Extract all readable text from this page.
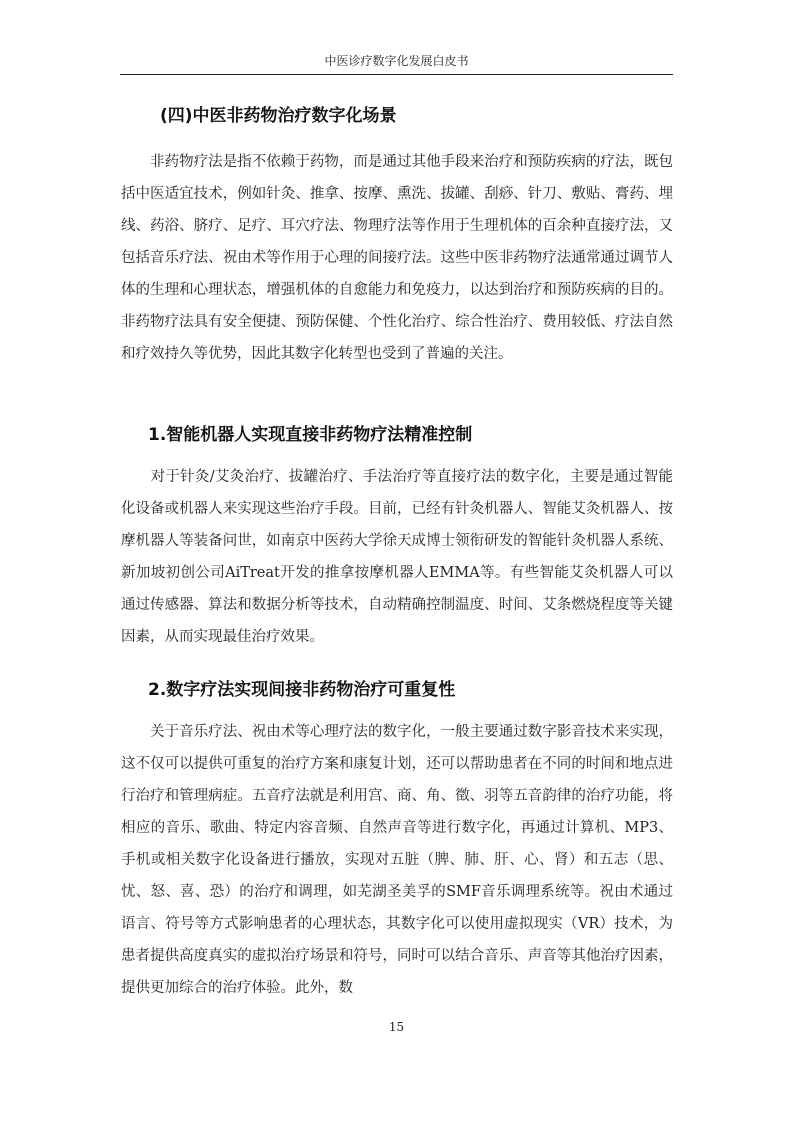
中医诊疗数字化发展白皮书
(四)中医非药物治疗数字化场景

　　非药物疗法是指不依赖于药物，而是通过其他手段来治疗和预防疾病的疗法，既包括中医适宜技术，例如针灸、推拿、按摩、熏洗、拔罐、刮痧、针刀、敷贴、膏药、埋线、药浴、脐疗、足疗、耳穴疗法、物理疗法等作用于生理机体的百余种直接疗法，又包括音乐疗法、祝由术等作用于心理的间接疗法。这些中医非药物疗法通常通过调节人体的生理和心理状态，增强机体的自愈能力和免疫力，以达到治疗和预防疾病的目的。非药物疗法具有安全便捷、预防保健、个性化治疗、综合性治疗、费用较低、疗法自然和疗效持久等优势，因此其数字化转型也受到了普遍的关注。

1.智能机器人实现直接非药物疗法精准控制

　　对于针灸/艾灸治疗、拔罐治疗、手法治疗等直接疗法的数字化，主要是通过智能化设备或机器人来实现这些治疗手段。目前，已经有针灸机器人、智能艾灸机器人、按摩机器人等装备问世，如南京中医药大学徐天成博士领衔研发的智能针灸机器人系统、新加坡初创公司AiTreat开发的推拿按摩机器人EMMA等。有些智能艾灸机器人可以通过传感器、算法和数据分析等技术，自动精确控制温度、时间、艾条燃烧程度等关键因素，从而实现最佳治疗效果。

2.数字疗法实现间接非药物治疗可重复性

　　关于音乐疗法、祝由术等心理疗法的数字化，一般主要通过数字影音技术来实现，这不仅可以提供可重复的治疗方案和康复计划，还可以帮助患者在不同的时间和地点进行治疗和管理病症。五音疗法就是利用宫、商、角、徵、羽等五音韵律的治疗功能，将相应的音乐、歌曲、特定内容音频、自然声音等进行数字化，再通过计算机、MP3、手机或相关数字化设备进行播放，实现对五脏（脾、肺、肝、心、肾）和五志（思、忧、怒、喜、恐）的治疗和调理，如芜湖圣美孚的SMF音乐调理系统等。祝由术通过语言、符号等方式影响患者的心理状态，其数字化可以使用虚拟现实（VR）技术，为患者提供高度真实的虚拟治疗场景和符号，同时可以结合音乐、声音等其他治疗因素，提供更加综合的治疗体验。此外，数

15
